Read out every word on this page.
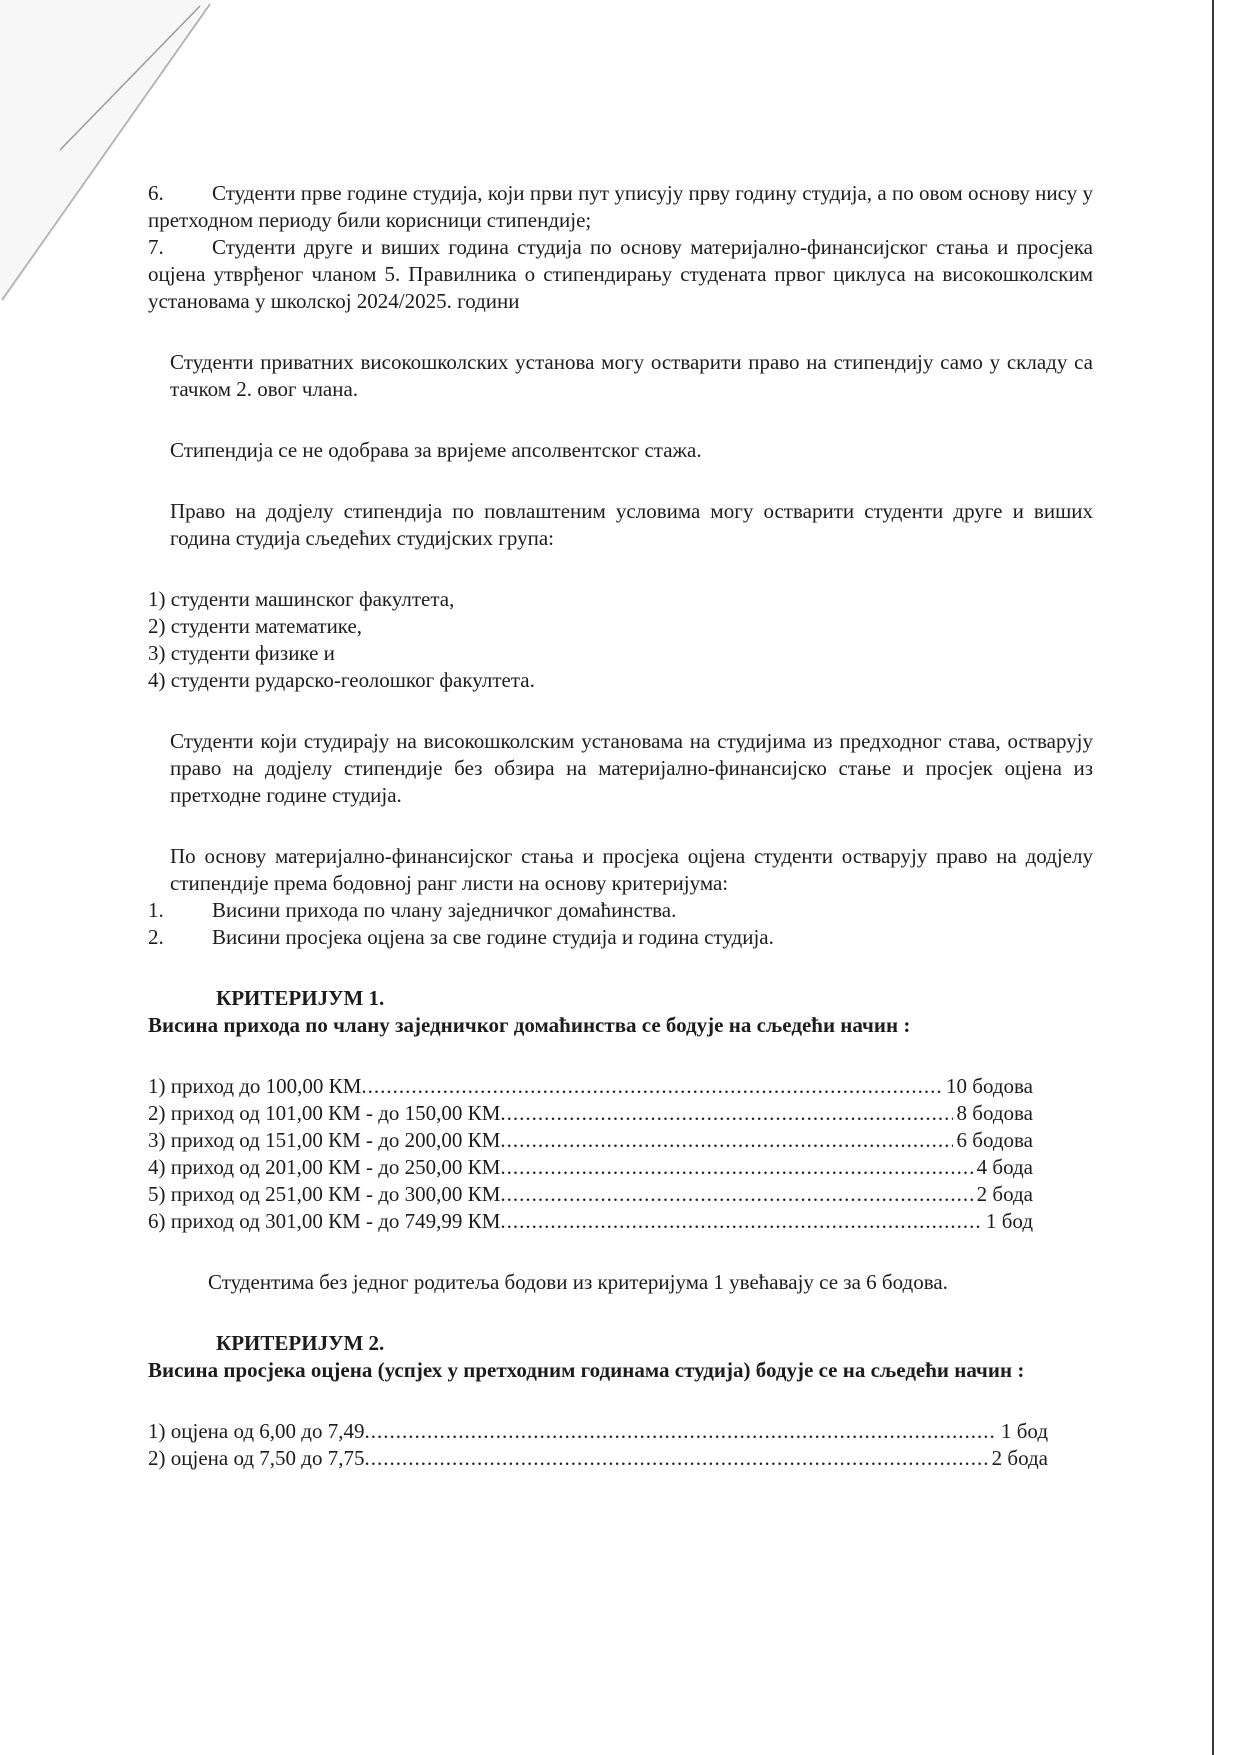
6. Студенти прве године студија, који први пут уписују прву годину студија, а по овом основу нису у претходном периоду били корисници стипендије;

7. Студенти друге и виших година студија по основу материјално-финансијског стања и просјека оцјена утврђеног чланом 5. Правилника о стипендирању студената првог циклуса на високошколским установама у школској 2024/2025. години

Студенти приватних високошколских установа могу остварити право на стипендију само у складу са тачком 2. овог члана.

Стипендија се не одобрава за вријеме апсолвентског стажа.

Право на додјелу стипендија по повлаштеним условима могу остварити студенти друге и виших година студија сљедећих студијских група:

1) студенти машинског факултета,

2) студенти математике,

3) студенти физике и

4) студенти рударско-геолошког факултета.

Студенти који студирају на високошколским установама на студијима из предходног става, остварују право на додјелу стипендије без обзира на материјално-финансијско стање и просјек оцјена из претходне године студија.

По основу материјално-финансијског стања и просјека оцјена студенти остварују право на додјелу стипендије према бодовној ранг листи на основу критеријума:

1. Висини прихода по члану заједничког домаћинства.

2. Висини просјека оцјена за све године студија и година студија.

КРИТЕРИЈУМ 1.

Висина прихода по члану заједничког домаћинства се бодује на сљедећи начин :

1) приход до 100,00 КМ .....	10 бодова
2) приход од 101,00 КМ - до 150,00 КМ .....	8 бодова
3) приход од 151,00 КМ - до 200,00 КМ .....	6 бодова
4) приход од 201,00 КМ - до 250,00 КМ .....	4 бода
5) приход од 251,00 КМ - до 300,00 КМ .....	2 бода
6) приход од 301,00 КМ - до 749,99 КМ .....	1 бод

Студентима без једног родитеља бодови из критеријума 1 увећавају се за 6 бодова.

КРИТЕРИЈУМ 2.

Висина просјека оцјена (успјех у претходним годинама студија) бодује се на сљедећи начин :

1) оцјена од 6,00 до 7,49 .....	1 бод
2) оцјена од 7,50 до 7,75 .....	2 бода
